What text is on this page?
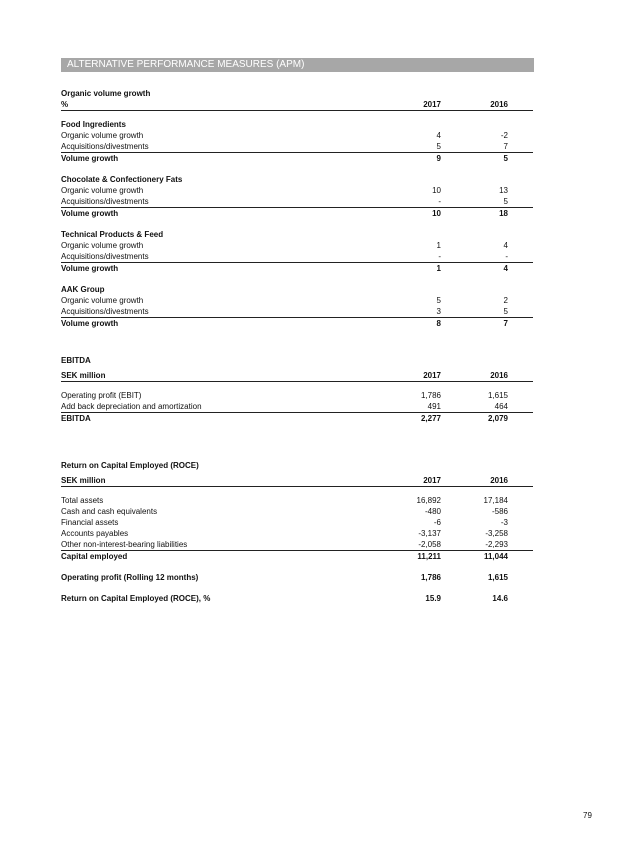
ALTERNATIVE PERFORMANCE MEASURES (APM)
Organic volume growth
%	2017	2016
Food Ingredients
Organic volume growth	4	-2
Acquisitions/divestments	5	7
Volume growth	9	5
Chocolate & Confectionery Fats
Organic volume growth	10	13
Acquisitions/divestments	-	5
Volume growth	10	18
Technical Products & Feed
Organic volume growth	1	4
Acquisitions/divestments	-	-
Volume growth	1	4
AAK Group
Organic volume growth	5	2
Acquisitions/divestments	3	5
Volume growth	8	7
EBITDA
SEK million	2017	2016
Operating profit (EBIT)	1,786	1,615
Add back depreciation and amortization	491	464
EBITDA	2,277	2,079
Return on Capital Employed (ROCE)
SEK million	2017	2016
Total assets	16,892	17,184
Cash and cash equivalents	-480	-586
Financial assets	-6	-3
Accounts payables	-3,137	-3,258
Other non-interest-bearing liabilities	-2,058	-2,293
Capital employed	11,211	11,044
Operating profit (Rolling 12 months)	1,786	1,615
Return on Capital Employed (ROCE), %	15.9	14.6
79
